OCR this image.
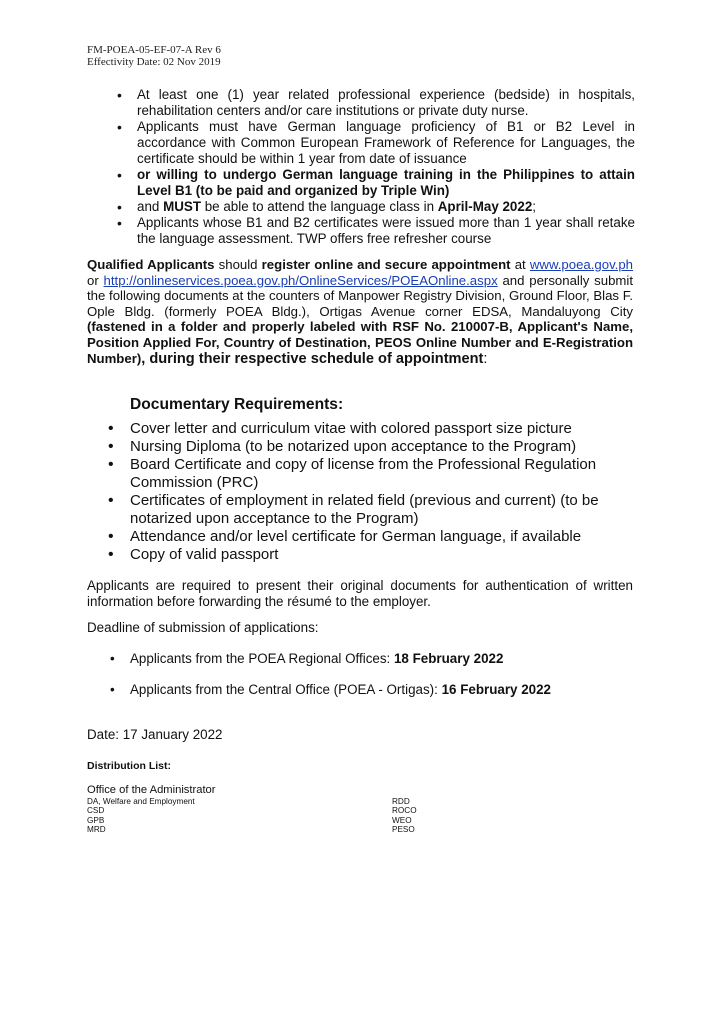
FM-POEA-05-EF-07-A Rev 6
Effectivity Date: 02 Nov 2019
• At least one (1) year related professional experience (bedside) in hospitals, rehabilitation centers and/or care institutions or private duty nurse.
• Applicants must have German language proficiency of B1 or B2 Level in accordance with Common European Framework of Reference for Languages, the certificate should be within 1 year from date of issuance
• or willing to undergo German language training in the Philippines to attain Level B1 (to be paid and organized by Triple Win)
• and MUST be able to attend the language class in April-May 2022;
• Applicants whose B1 and B2 certificates were issued more than 1 year shall retake the language assessment. TWP offers free refresher course

Qualified Applicants should register online and secure appointment at www.poea.gov.ph or http://onlineservices.poea.gov.ph/OnlineServices/POEAOnline.aspx and personally submit the following documents at the counters of Manpower Registry Division, Ground Floor, Blas F. Ople Bldg. (formerly POEA Bldg.), Ortigas Avenue corner EDSA, Mandaluyong City (fastened in a folder and properly labeled with RSF No. 210007-B, Applicant's Name, Position Applied For, Country of Destination, PEOS Online Number and E-Registration Number), during their respective schedule of appointment:

Documentary Requirements:
• Cover letter and curriculum vitae with colored passport size picture
• Nursing Diploma (to be notarized upon acceptance to the Program)
• Board Certificate and copy of license from the Professional Regulation Commission (PRC)
• Certificates of employment in related field (previous and current) (to be notarized upon acceptance to the Program)
• Attendance and/or level certificate for German language, if available
• Copy of valid passport

Applicants are required to present their original documents for authentication of written information before forwarding the résumé to the employer.

Deadline of submission of applications:

• Applicants from the POEA Regional Offices: 18 February 2022
• Applicants from the Central Office (POEA - Ortigas): 16 February 2022
Date: 17 January 2022
Distribution List:
Office of the Administrator
DA, Welfare and Employment
CSD
GPB
MRD
RDD
ROCO
WEO
PESO
